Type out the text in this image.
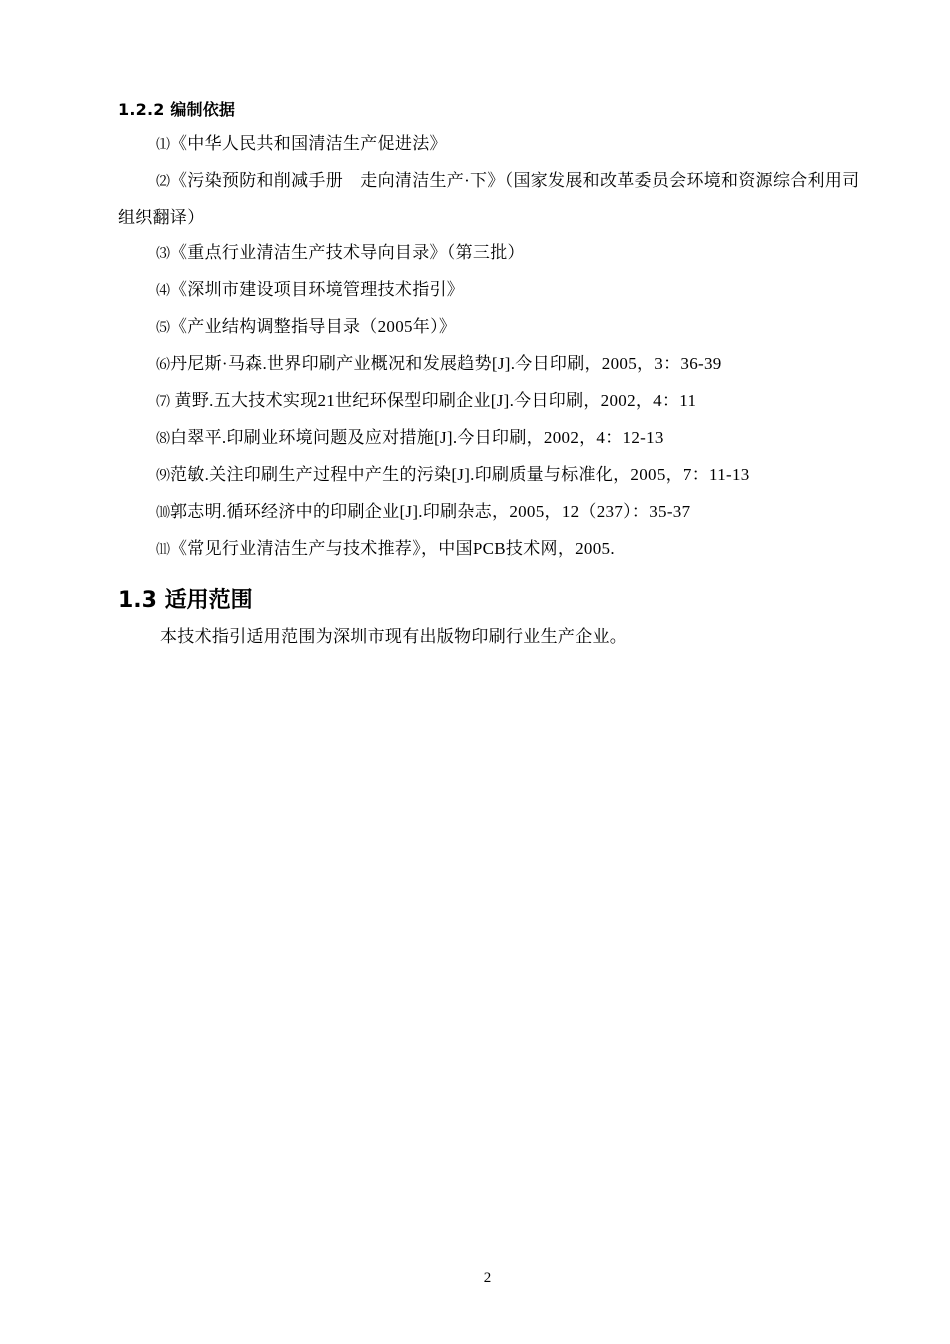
1.2.2 编制依据
⑴《中华人民共和国清洁生产促进法》
⑵《污染预防和削减手册　走向清洁生产·下》（国家发展和改革委员会环境和资源综合利用司 组织翻译）
⑶《重点行业清洁生产技术导向目录》（第三批）
⑷《深圳市建设项目环境管理技术指引》
⑸《产业结构调整指导目录（2005年）》
⑹丹尼斯·马森.世界印刷产业概况和发展趋势[J].今日印刷，2005，3：36-39
⑺ 黄野.五大技术实现21世纪环保型印刷企业[J].今日印刷，2002，4：11
⑻白翠平.印刷业环境问题及应对措施[J].今日印刷，2002，4：12-13
⑼范敏.关注印刷生产过程中产生的污染[J].印刷质量与标准化，2005，7：11-13
⑽郭志明.循环经济中的印刷企业[J].印刷杂志，2005，12（237）：35-37
⑾《常见行业清洁生产与技术推荐》，中国PCB技术网，2005.
1.3 适用范围

本技术指引适用范围为深圳市现有出版物印刷行业生产企业。

2
